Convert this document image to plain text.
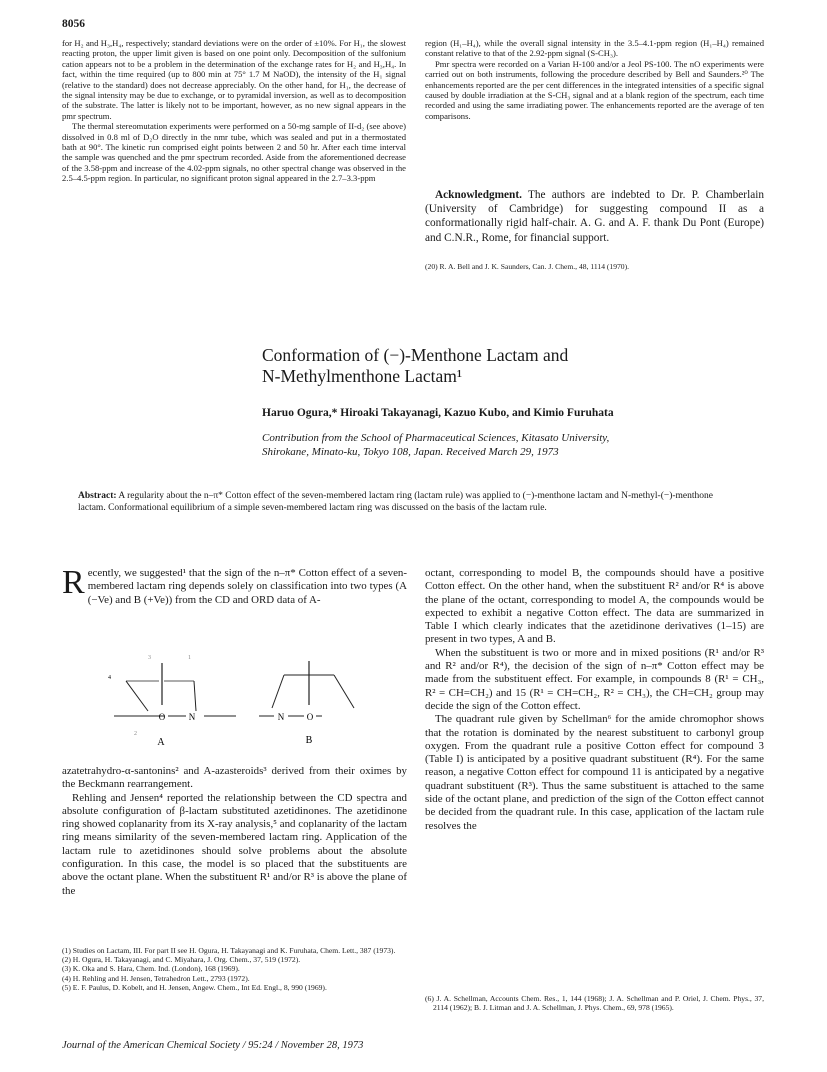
8056

for H₂ and H₃,H₄, respectively; standard deviations were on the order of ±10%. For H₁, the slowest reacting proton, the upper limit given is based on one point only. Decomposition of the sulfonium cation appears not to be a problem in the determination of the exchange rates for H₂ and H₃,H₄. In fact, within the time required (up to 800 min at 75° 1.7 M NaOD), the intensity of the H₁ signal (relative to the standard) does not decrease appreciably. On the other hand, for H₁, the decrease of the signal intensity may be due to exchange, or to pyramidal inversion, as well as to decomposition of the substrate. The latter is likely not to be important, however, as no new signal appears in the pmr spectrum.

The thermal stereomutation experiments were performed on a 50-mg sample of II-d₂ (see above) dissolved in 0.8 ml of D₂O directly in the nmr tube, which was sealed and put in a thermostated bath at 90°. The kinetic run comprised eight points between 2 and 50 hr. After each time interval the sample was quenched and the pmr spectrum recorded. Aside from the aforementioned decrease of the 3.58-ppm and increase of the 4.02-ppm signals, no other spectral change was observed in the 2.5–4.5-ppm region. In particular, no significant proton signal appeared in the 2.7–3.3-ppm

region (H₁–H₄), while the overall signal intensity in the 3.5–4.1-ppm region (H₁–H₄) remained constant relative to that of the 2.92-ppm signal (S-CH₃).

Pmr spectra were recorded on a Varian H-100 and/or a Jeol PS-100. The nO experiments were carried out on both instruments, following the procedure described by Bell and Saunders.²⁰ The enhancements reported are the per cent differences in the integrated intensities of a specific signal caused by double irradiation at the S-CH₃ signal and at a blank region of the spectrum, each time recorded and using the same irradiating power. The enhancements reported are the average of ten comparisons.

Acknowledgment. The authors are indebted to Dr. P. Chamberlain (University of Cambridge) for suggesting compound II as a conformationally rigid half-chair. A. G. and A. F. thank Du Pont (Europe) and C.N.R., Rome, for financial support.

(20) R. A. Bell and J. K. Saunders, Can. J. Chem., 48, 1114 (1970).

Conformation of (−)-Menthone Lactam and
N-Methylmenthone Lactam¹
Haruo Ogura,* Hiroaki Takayanagi, Kazuo Kubo, and Kimio Furuhata
Contribution from the School of Pharmaceutical Sciences, Kitasato University,
Shirokane, Minato-ku, Tokyo 108, Japan. Received March 29, 1973
Abstract: A regularity about the n–π* Cotton effect of the seven-membered lactam ring (lactam rule) was applied to (−)-menthone lactam and N-methyl-(−)-menthone lactam. Conformational equilibrium of a simple seven-membered lactam ring was discussed on the basis of the lactam rule.

Recently, we suggested¹ that the sign of the n–π* Cotton effect of a seven-membered lactam ring depends solely on classification into two types (A (−Ve) and B (+Ve)) from the CD and ORD data of A-

O	N
4
3	1
2
A
N	O
B

azatetrahydro-α-santonins² and A-azasteroids³ derived from their oximes by the Beckmann rearrangement.

Rehling and Jensen⁴ reported the relationship between the CD spectra and absolute configuration of β-lactam substituted azetidinones. The azetidinone ring showed coplanarity from its X-ray analysis,⁵ and coplanarity of the lactam ring means similarity of the seven-membered lactam ring. Application of the lactam rule to azetidinones should solve problems about the absolute configuration. In this case, the model is so placed that the substituents are above the octant plane. When the substituent R¹ and/or R³ is above the plane of the

(1) Studies on Lactam, III. For part II see H. Ogura, H. Takayanagi and K. Furuhata, Chem. Lett., 387 (1973).

(2) H. Ogura, H. Takayanagi, and C. Miyahara, J. Org. Chem., 37, 519 (1972).

(3) K. Oka and S. Hara, Chem. Ind. (London), 168 (1969).

(4) H. Rehling and H. Jensen, Tetrahedron Lett., 2793 (1972).

(5) E. F. Paulus, D. Kobelt, and H. Jensen, Angew. Chem., Int Ed. Engl., 8, 990 (1969).

octant, corresponding to model B, the compounds should have a positive Cotton effect. On the other hand, when the substituent R² and/or R⁴ is above the plane of the octant, corresponding to model A, the compounds would be expected to exhibit a negative Cotton effect. The data are summarized in Table I which clearly indicates that the azetidinone derivatives (1–15) are present in two types, A and B.

When the substituent is two or more and in mixed positions (R¹ and/or R³ and R² and/or R⁴), the decision of the sign of n–π* Cotton effect may be made from the substituent effect. For example, in compounds 8 (R¹ = CH₃, R² = CH=CH₂) and 15 (R¹ = CH=CH₂, R² = CH₃), the CH=CH₂ group may decide the sign of the Cotton effect.

The quadrant rule given by Schellman⁶ for the amide chromophor shows that the rotation is dominated by the nearest substituent to carbonyl group oxygen. From the quadrant rule a positive Cotton effect for compound 3 (Table I) is anticipated by a positive quadrant substituent (R⁴). For the same reason, a negative Cotton effect for compound 11 is anticipated by a negative quadrant substituent (R³). Thus the same substituent is attached to the same side of the octant plane, and prediction of the sign of the Cotton effect cannot be decided from the quadrant rule. In this case, application of the lactam rule resolves the

(6) J. A. Schellman, Accounts Chem. Res., 1, 144 (1968); J. A. Schellman and P. Oriel, J. Chem. Phys., 37, 2114 (1962); B. J. Litman and J. A. Schellman, J. Phys. Chem., 69, 978 (1965).

Journal of the American Chemical Society / 95:24 / November 28, 1973
